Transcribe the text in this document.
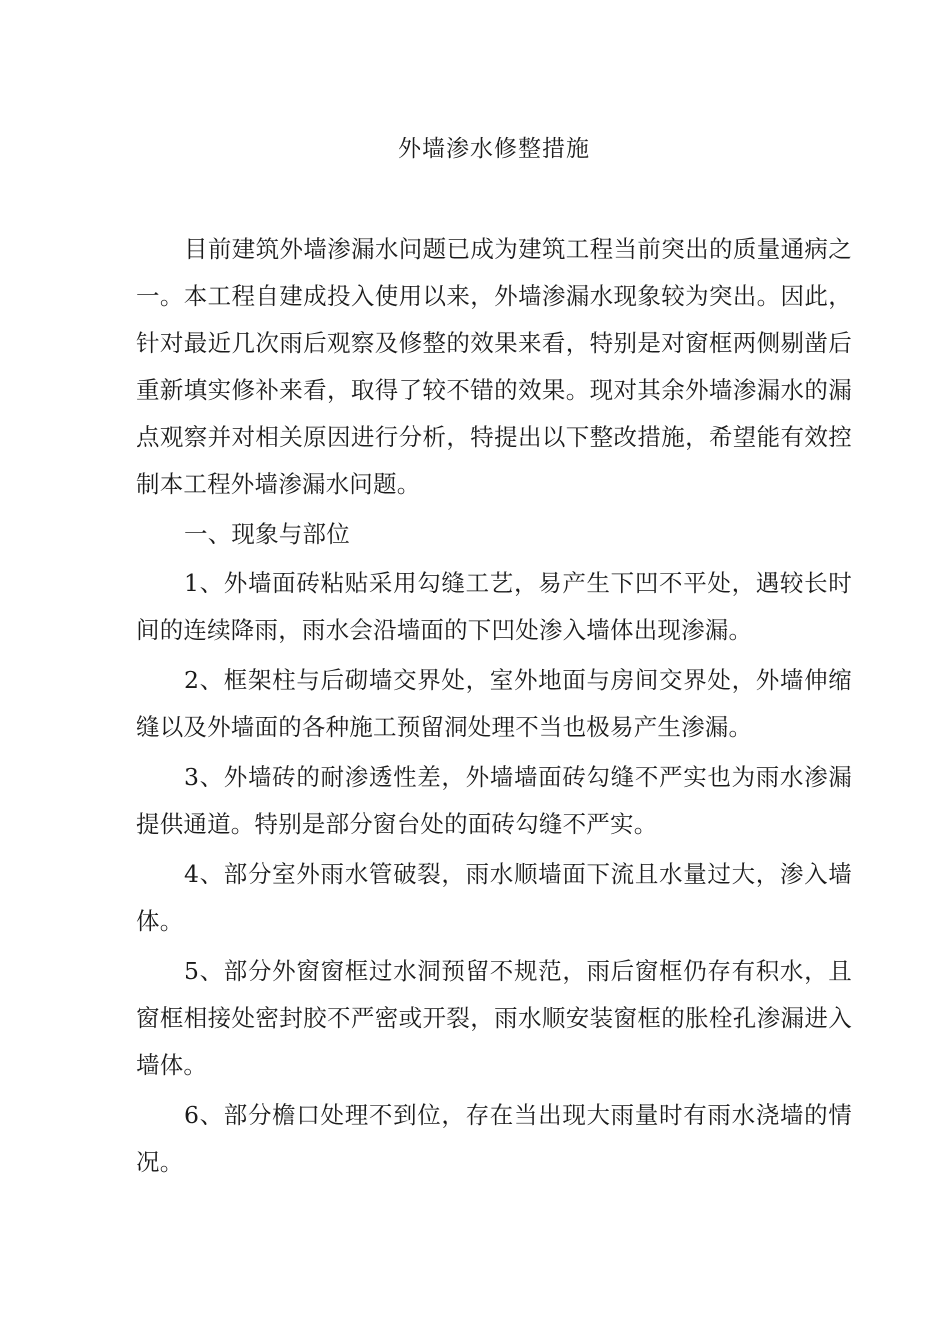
外墙渗水修整措施

目前建筑外墙渗漏水问题已成为建筑工程当前突出的质量通病之一。本工程自建成投入使用以来，外墙渗漏水现象较为突出。因此，针对最近几次雨后观察及修整的效果来看，特别是对窗框两侧剔凿后重新填实修补来看，取得了较不错的效果。现对其余外墙渗漏水的漏点观察并对相关原因进行分析，特提出以下整改措施，希望能有效控制本工程外墙渗漏水问题。

一、现象与部位

1、外墙面砖粘贴采用勾缝工艺，易产生下凹不平处，遇较长时间的连续降雨，雨水会沿墙面的下凹处渗入墙体出现渗漏。

2、框架柱与后砌墙交界处，室外地面与房间交界处，外墙伸缩缝以及外墙面的各种施工预留洞处理不当也极易产生渗漏。

3、外墙砖的耐渗透性差，外墙墙面砖勾缝不严实也为雨水渗漏提供通道。特别是部分窗台处的面砖勾缝不严实。

4、部分室外雨水管破裂，雨水顺墙面下流且水量过大，渗入墙体。

5、部分外窗窗框过水洞预留不规范，雨后窗框仍存有积水，且窗框相接处密封胶不严密或开裂，雨水顺安装窗框的胀栓孔渗漏进入墙体。

6、部分檐口处理不到位，存在当出现大雨量时有雨水浇墙的情况。
